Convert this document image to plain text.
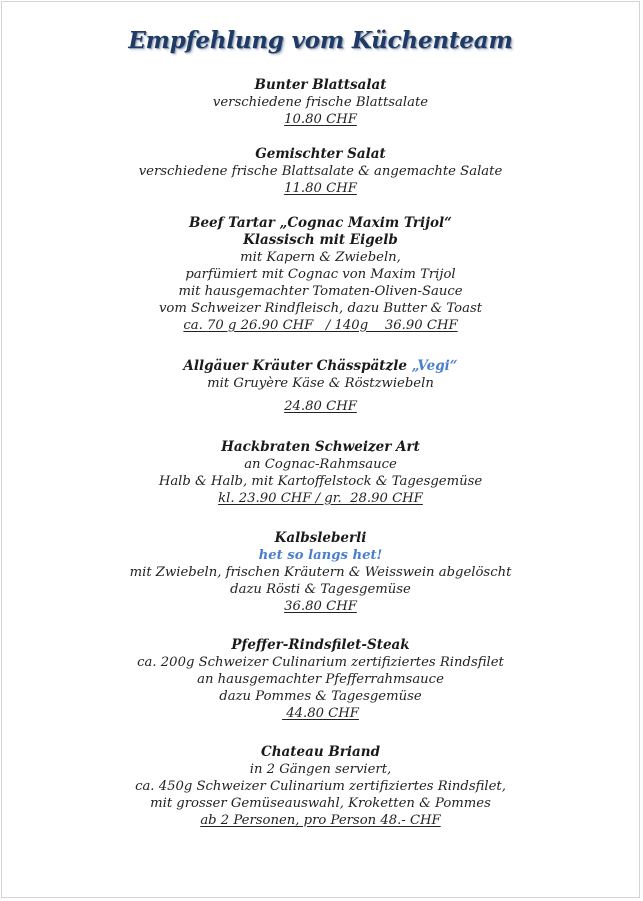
Empfehlung vom Küchenteam
Bunter Blattsalat
verschiedene frische Blattsalate
10.80 CHF
Gemischter Salat
verschiedene frische Blattsalate & angemachte Salate
11.80 CHF
Beef Tartar „Cognac Maxim Trijol“
Klassisch mit Eigelb
mit Kapern & Zwiebeln,
parfümiert mit Cognac von Maxim Trijol
mit hausgemachter Tomaten-Oliven-Sauce
vom Schweizer Rindfleisch, dazu Butter & Toast
ca. 70 g 26.90 CHF   / 140g    36.90 CHF
Allgäuer Kräuter Chässpätzle „Vegi“
mit Gruyère Käse & Röstzwiebeln
24.80 CHF
Hackbraten Schweizer Art
an Cognac-Rahmsauce
Halb & Halb, mit Kartoffelstock & Tagesgemüse
kl. 23.90 CHF / gr.  28.90 CHF
Kalbsleberli
het so langs het!
mit Zwiebeln, frischen Kräutern & Weisswein abgelöscht
dazu Rösti & Tagesgemüse
36.80 CHF
Pfeffer-Rindsfilet-Steak
ca. 200g Schweizer Culinarium zertifiziertes Rindsfilet
an hausgemachter Pfefferrahmsauce
dazu Pommes & Tagesgemüse
44.80 CHF
Chateau Briand
in 2 Gängen serviert,
ca. 450g Schweizer Culinarium zertifiziertes Rindsfilet,
mit grosser Gemüseauswahl, Kroketten & Pommes
ab 2 Personen, pro Person 48.- CHF
